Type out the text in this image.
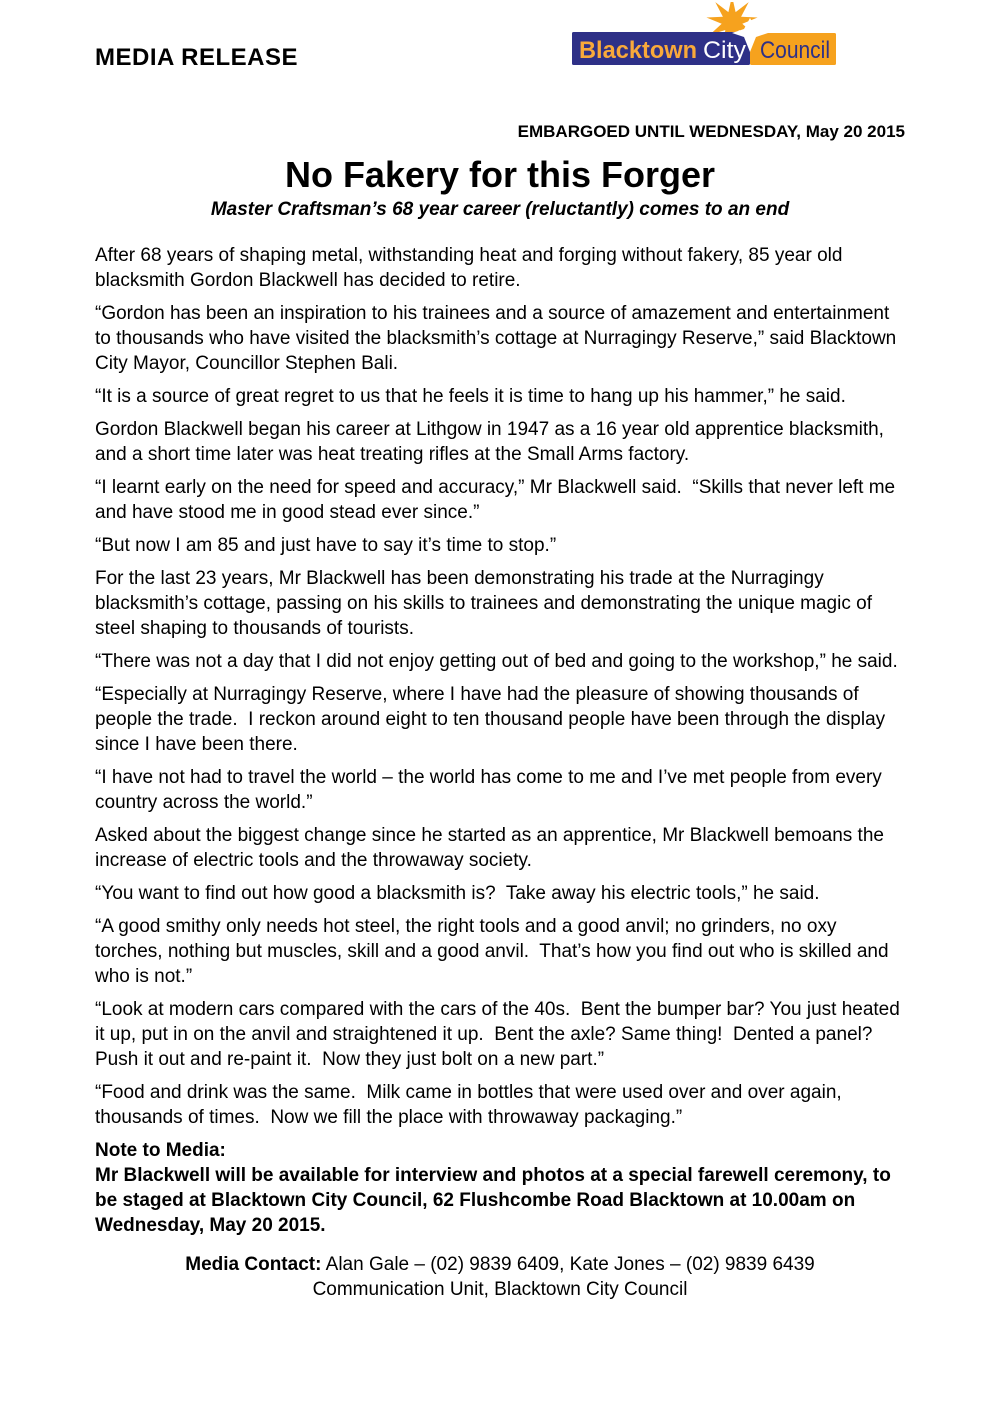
MEDIA RELEASE	Blacktown City Council
EMBARGOED UNTIL WEDNESDAY, May 20 2015
No Fakery for this Forger
Master Craftsman’s 68 year career (reluctantly) comes to an end

After 68 years of shaping metal, withstanding heat and forging without fakery, 85 year old blacksmith Gordon Blackwell has decided to retire.

“Gordon has been an inspiration to his trainees and a source of amazement and entertainment to thousands who have visited the blacksmith’s cottage at Nurragingy Reserve,” said Blacktown City Mayor, Councillor Stephen Bali.

“It is a source of great regret to us that he feels it is time to hang up his hammer,” he said.

Gordon Blackwell began his career at Lithgow in 1947 as a 16 year old apprentice blacksmith, and a short time later was heat treating rifles at the Small Arms factory.

“I learnt early on the need for speed and accuracy,” Mr Blackwell said.  “Skills that never left me and have stood me in good stead ever since.”

“But now I am 85 and just have to say it’s time to stop.”

For the last 23 years, Mr Blackwell has been demonstrating his trade at the Nurragingy blacksmith’s cottage, passing on his skills to trainees and demonstrating the unique magic of steel shaping to thousands of tourists.

“There was not a day that I did not enjoy getting out of bed and going to the workshop,” he said.

“Especially at Nurragingy Reserve, where I have had the pleasure of showing thousands of people the trade.  I reckon around eight to ten thousand people have been through the display since I have been there.

“I have not had to travel the world – the world has come to me and I’ve met people from every country across the world.”

Asked about the biggest change since he started as an apprentice, Mr Blackwell bemoans the increase of electric tools and the throwaway society.

“You want to find out how good a blacksmith is?  Take away his electric tools,” he said.

“A good smithy only needs hot steel, the right tools and a good anvil; no grinders, no oxy torches, nothing but muscles, skill and a good anvil.  That’s how you find out who is skilled and who is not.”

“Look at modern cars compared with the cars of the 40s.  Bent the bumper bar? You just heated it up, put in on the anvil and straightened it up.  Bent the axle? Same thing!  Dented a panel? Push it out and re-paint it.  Now they just bolt on a new part.”

“Food and drink was the same.  Milk came in bottles that were used over and over again, thousands of times.  Now we fill the place with throwaway packaging.”

Note to Media:
Mr Blackwell will be available for interview and photos at a special farewell ceremony, to be staged at Blacktown City Council, 62 Flushcombe Road Blacktown at 10.00am on Wednesday, May 20 2015.
Media Contact: Alan Gale – (02) 9839 6409, Kate Jones – (02) 9839 6439
Communication Unit, Blacktown City Council
